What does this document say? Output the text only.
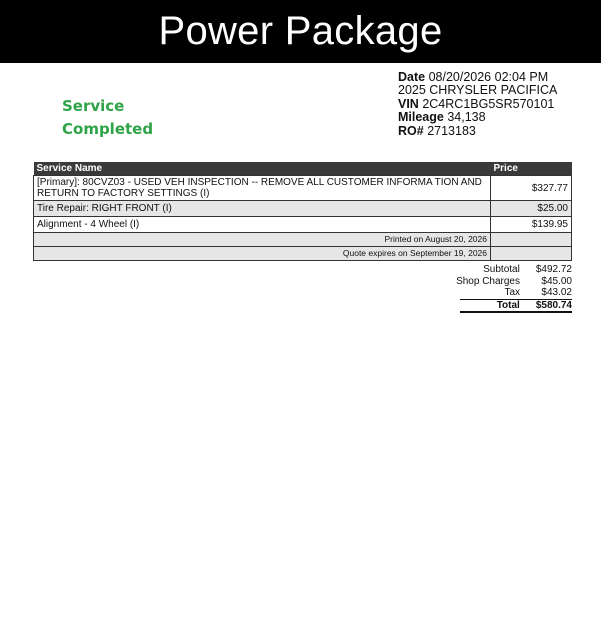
Power Package
Service
Completed
Date 08/20/2026 02:04 PM
2025 CHRYSLER PACIFICA
VIN 2C4RC1BG5SR570101
Mileage 34,138
RO# 2713183
Service Name	Price

[Primary]: 80CVZ03 - USED VEH INSPECTION -- REMOVE ALL CUSTOMER INFORMA TION AND
RETURN TO FACTORY SETTINGS (I)	$327.77
Tire Repair: RIGHT FRONT (I)	$25.00
Alignment - 4 Wheel (I)	$139.95
Printed on August 20, 2026	
Quote expires on September 19, 2026	
Subtotal	$492.72
Shop Charges	$45.00
Tax	$43.02
Total	$580.74
